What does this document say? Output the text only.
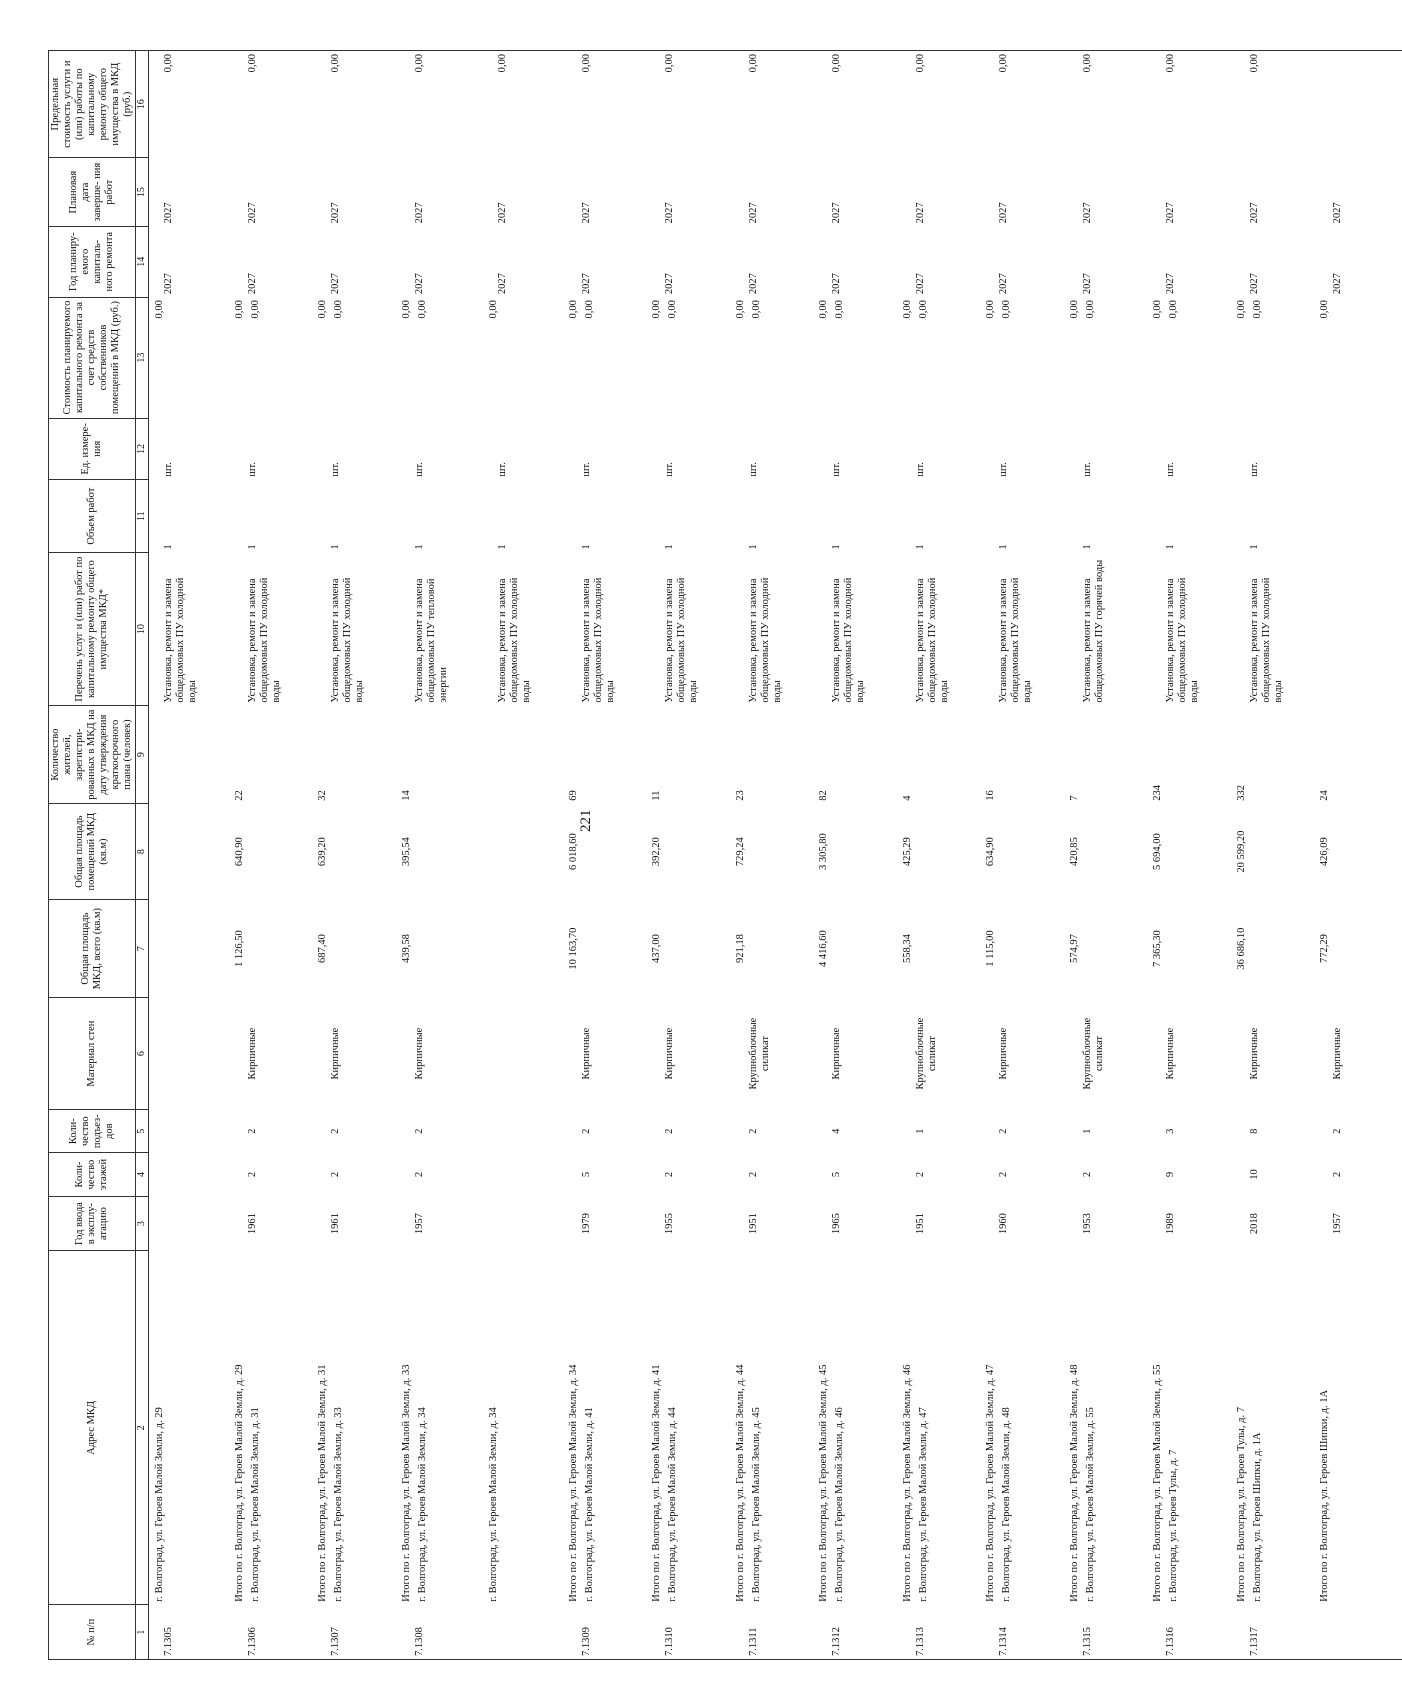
221
№ п/п	Адрес МКД	Год ввода в эксплу- атацию	Коли- чество этажей	Коли- чество подъез- дов	Материал стен	Общая площадь МКД, всего (кв.м)	Общая площадь помещений МКД (кв.м)	Количество жителей, зарегистри- рованных в МКД на дату утверждения краткосрочного плана (человек)	Перечень услуг и (или) работ по капитальному ремонту общего имущества МКД*	Объем работ	Ед. измере- ния	Стоимость планируемого капитального ремонта за счет средств собственников помещений в МКД (руб.)	Год планиру- емого капиталь- ного ремонта	Плановая дата заверше- ния работ	Предельная стоимость услуги и (или) работы по капитальному ремонту общего имущества в МКД (руб.)
1	2	3	4	5	6	7	8	9	10	11	12	13	14	15	16
7.1305	г. Волгоград, ул. Героев Малой Земли, д. 29								Установка, ремонт и замена общедомовых ПУ холодной воды	1	шт.	0,00	2027	2027	0,00
7.1306	Итого по г. Волгоград, ул. Героев Малой Земли, д. 29 г. Волгоград, ул. Героев Малой Земли, д. 31	1961	2	2	Кирпичные	1 126,50	640,90	22	Установка, ремонт и замена общедомовых ПУ холодной воды	1	шт.	0,00 0,00	2027	2027	0,00
7.1307	Итого по г. Волгоград, ул. Героев Малой Земли, д. 31 г. Волгоград, ул. Героев Малой Земли, д. 33	1961	2	2	Кирпичные	687,40	639,20	32	Установка, ремонт и замена общедомовых ПУ холодной воды	1	шт.	0,00 0,00	2027	2027	0,00
7.1308	Итого по г. Волгоград, ул. Героев Малой Земли, д. 33 г. Волгоград, ул. Героев Малой Земли, д. 34	1957	2	2	Кирпичные	439,58	395,54	14	Установка, ремонт и замена общедомовых ПУ тепловой энергии	1	шт.	0,00 0,00	2027	2027	0,00

г. Волгоград, ул. Героев Малой Земли, д. 34								Установка, ремонт и замена общедомовых ПУ холодной воды	1	шт.	0,00	2027	2027	0,00
7.1309	Итого по г. Волгоград, ул. Героев Малой Земли, д. 34 г. Волгоград, ул. Героев Малой Земли, д. 41	1979	5	2	Кирпичные	10 163,70	6 018,60	69	Установка, ремонт и замена общедомовых ПУ холодной воды	1	шт.	0,00 0,00	2027	2027	0,00
7.1310	Итого по г. Волгоград, ул. Героев Малой Земли, д. 41 г. Волгоград, ул. Героев Малой Земли, д. 44	1955	2	2	Кирпичные	437,00	392,20	11	Установка, ремонт и замена общедомовых ПУ холодной воды	1	шт.	0,00 0,00	2027	2027	0,00
7.1311	Итого по г. Волгоград, ул. Героев Малой Земли, д. 44 г. Волгоград, ул. Героев Малой Земли, д. 45	1951	2	2	Крупноблочные силикат	921,18	729,24	23	Установка, ремонт и замена общедомовых ПУ холодной воды	1	шт.	0,00 0,00	2027	2027	0,00
7.1312	Итого по г. Волгоград, ул. Героев Малой Земли, д. 45 г. Волгоград, ул. Героев Малой Земли, д. 46	1965	5	4	Кирпичные	4 416,60	3 305,80	82	Установка, ремонт и замена общедомовых ПУ холодной воды	1	шт.	0,00 0,00	2027	2027	0,00
7.1313	Итого по г. Волгоград, ул. Героев Малой Земли, д. 46 г. Волгоград, ул. Героев Малой Земли, д. 47	1951	2	1	Крупноблочные силикат	558,34	425,29	4	Установка, ремонт и замена общедомовых ПУ холодной воды	1	шт.	0,00 0,00	2027	2027	0,00
7.1314	Итого по г. Волгоград, ул. Героев Малой Земли, д. 47 г. Волгоград, ул. Героев Малой Земли, д. 48	1960	2	2	Кирпичные	1 115,00	634,90	16	Установка, ремонт и замена общедомовых ПУ холодной воды	1	шт.	0,00 0,00	2027	2027	0,00
7.1315	Итого по г. Волгоград, ул. Героев Малой Земли, д. 48 г. Волгоград, ул. Героев Малой Земли, д. 55	1953	2	1	Крупноблочные силикат	574,97	420,85	7	Установка, ремонт и замена общедомовых ПУ горячей воды	1	шт.	0,00 0,00	2027	2027	0,00
7.1316	Итого по г. Волгоград, ул. Героев Малой Земли, д. 55 г. Волгоград, ул. Героев Тулы, д. 7	1989	9	3	Кирпичные	7 365,30	5 694,00	234	Установка, ремонт и замена общедомовых ПУ холодной воды	1	шт.	0,00 0,00	2027	2027	0,00
7.1317	Итого по г. Волгоград, ул. Героев Тулы, д. 7 г. Волгоград, ул. Героев Шипки, д. 1А	2018	10	8	Кирпичные	36 686,10	20 599,20	332	Установка, ремонт и замена общедомовых ПУ холодной воды	1	шт.	0,00 0,00	2027	2027	0,00

	Итого по г. Волгоград, ул. Героев Шипки, д. 1А	1957	2	2	Кирпичные	772,29	426,09	24				0,00	2027	2027	
